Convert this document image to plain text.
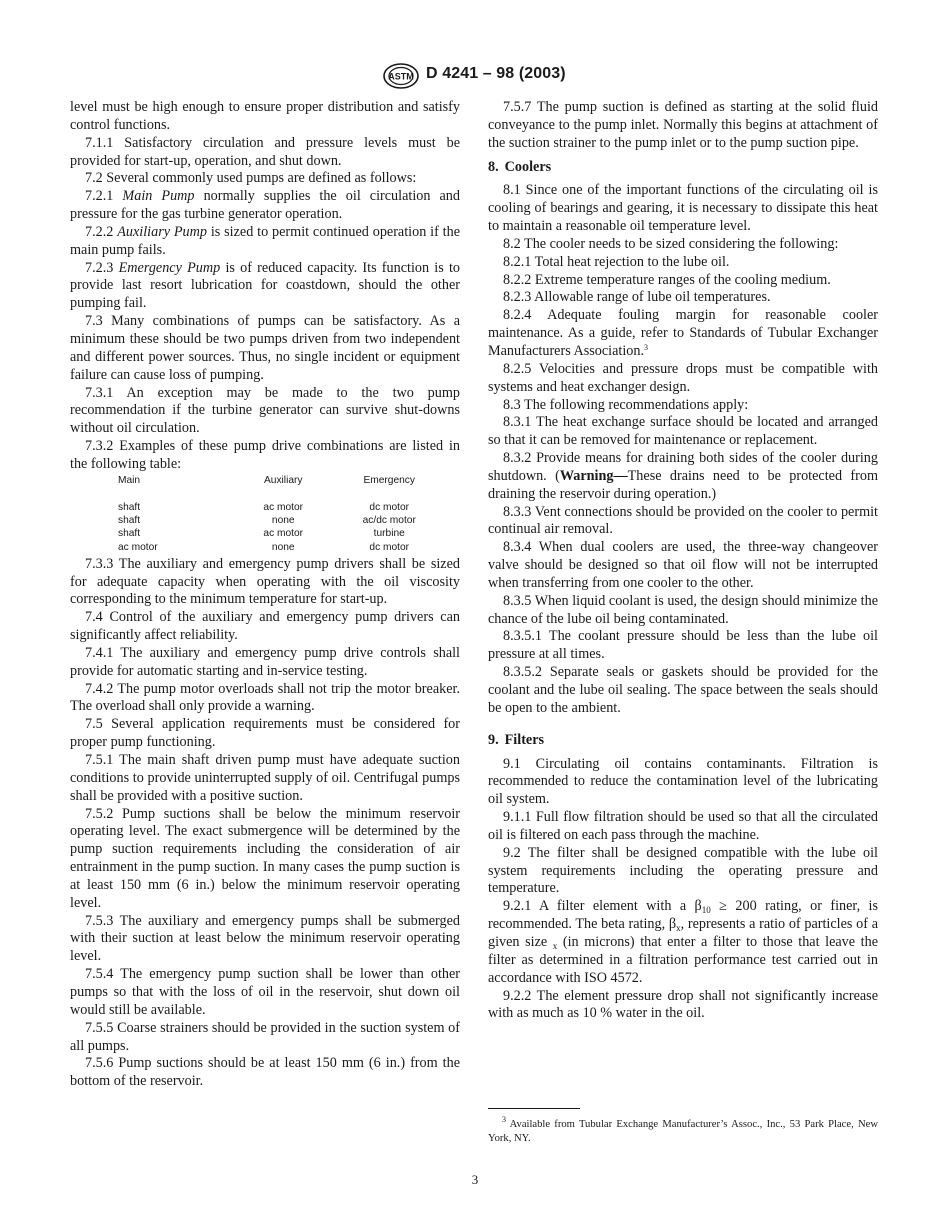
ASTM D 4241 – 98 (2003)

level must be high enough to ensure proper distribution and satisfy control functions.

7.1.1 Satisfactory circulation and pressure levels must be provided for start-up, operation, and shut down.

7.2 Several commonly used pumps are defined as follows:

7.2.1 Main Pump normally supplies the oil circulation and pressure for the gas turbine generator operation.

7.2.2 Auxiliary Pump is sized to permit continued operation if the main pump fails.

7.2.3 Emergency Pump is of reduced capacity. Its function is to provide last resort lubrication for coastdown, should the other pumping fail.

7.3 Many combinations of pumps can be satisfactory. As a minimum these should be two pumps driven from two independent and different power sources. Thus, no single incident or equipment failure can cause loss of pumping.

7.3.1 An exception may be made to the two pump recommendation if the turbine generator can survive shut-downs without oil circulation.

7.3.2 Examples of these pump drive combinations are listed in the following table:

Main	Auxiliary	Emergency
shaft	ac motor	dc motor
shaft	none	ac/dc motor
shaft	ac motor	turbine
ac motor	none	dc motor

7.3.3 The auxiliary and emergency pump drivers shall be sized for adequate capacity when operating with the oil viscosity corresponding to the minimum temperature for start-up.

7.4 Control of the auxiliary and emergency pump drivers can significantly affect reliability.

7.4.1 The auxiliary and emergency pump drive controls shall provide for automatic starting and in-service testing.

7.4.2 The pump motor overloads shall not trip the motor breaker. The overload shall only provide a warning.

7.5 Several application requirements must be considered for proper pump functioning.

7.5.1 The main shaft driven pump must have adequate suction conditions to provide uninterrupted supply of oil. Centrifugal pumps shall be provided with a positive suction.

7.5.2 Pump suctions shall be below the minimum reservoir operating level. The exact submergence will be determined by the pump suction requirements including the consideration of air entrainment in the pump suction. In many cases the pump suction is at least 150 mm (6 in.) below the minimum reservoir operating level.

7.5.3 The auxiliary and emergency pumps shall be submerged with their suction at least below the minimum reservoir operating level.

7.5.4 The emergency pump suction shall be lower than other pumps so that with the loss of oil in the reservoir, shut down oil would still be available.

7.5.5 Coarse strainers should be provided in the suction system of all pumps.

7.5.6 Pump suctions should be at least 150 mm (6 in.) from the bottom of the reservoir.

7.5.7 The pump suction is defined as starting at the solid fluid conveyance to the pump inlet. Normally this begins at attachment of the suction strainer to the pump inlet or to the pump suction pipe.

8. Coolers

8.1 Since one of the important functions of the circulating oil is cooling of bearings and gearing, it is necessary to dissipate this heat to maintain a reasonable oil temperature level.

8.2 The cooler needs to be sized considering the following:

8.2.1 Total heat rejection to the lube oil.

8.2.2 Extreme temperature ranges of the cooling medium.

8.2.3 Allowable range of lube oil temperatures.

8.2.4 Adequate fouling margin for reasonable cooler maintenance. As a guide, refer to Standards of Tubular Exchanger Manufacturers Association.$^3$

8.2.5 Velocities and pressure drops must be compatible with systems and heat exchanger design.

8.3 The following recommendations apply:

8.3.1 The heat exchange surface should be located and arranged so that it can be removed for maintenance or replacement.

8.3.2 Provide means for draining both sides of the cooler during shutdown. (Warning—These drains need to be protected from draining the reservoir during operation.)

8.3.3 Vent connections should be provided on the cooler to permit continual air removal.

8.3.4 When dual coolers are used, the three-way changeover valve should be designed so that oil flow will not be interrupted when transferring from one cooler to the other.

8.3.5 When liquid coolant is used, the design should minimize the chance of the lube oil being contaminated.

8.3.5.1 The coolant pressure should be less than the lube oil pressure at all times.

8.3.5.2 Separate seals or gaskets should be provided for the coolant and the lube oil sealing. The space between the seals should be open to the ambient.

9. Filters

9.1 Circulating oil contains contaminants. Filtration is recommended to reduce the contamination level of the lubricating oil system.

9.1.1 Full flow filtration should be used so that all the circulated oil is filtered on each pass through the machine.

9.2 The filter shall be designed compatible with the lube oil system requirements including the operating pressure and temperature.

9.2.1 A filter element with a $\beta_{10} \ge 200$ rating, or finer, is recommended. The beta rating, $\beta_x$, represents a ratio of particles of a given size $_x$ (in microns) that enter a filter to those that leave the filter as determined in a filtration performance test carried out in accordance with ISO 4572.

9.2.2 The element pressure drop shall not significantly increase with as much as 10 % water in the oil.

$^3$ Available from Tubular Exchange Manufacturer’s Assoc., Inc., 53 Park Place, New York, NY.
3
